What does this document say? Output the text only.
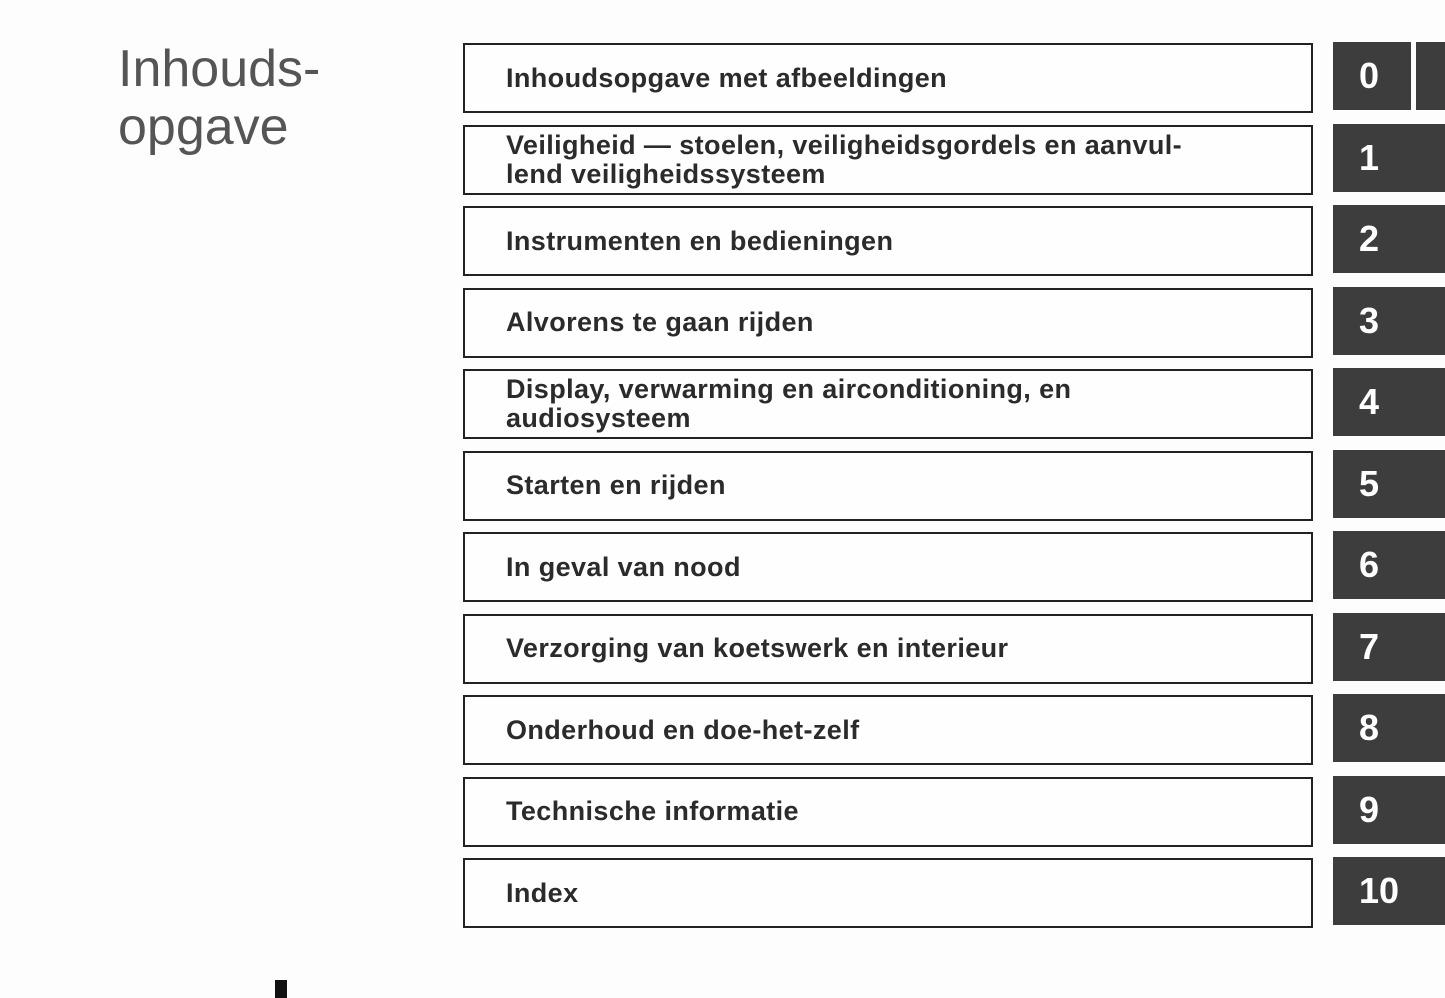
Inhouds-
opgave
Inhoudsopgave met afbeeldingen
Veiligheid — stoelen, veiligheidsgordels en aanvul-
lend veiligheidssysteem
Instrumenten en bedieningen
Alvorens te gaan rijden
Display, verwarming en airconditioning, en
audiosysteem
Starten en rijden
In geval van nood
Verzorging van koetswerk en interieur
Onderhoud en doe-het-zelf
Technische informatie
Index
0
1
2
3
4
5
6
7
8
9
10
